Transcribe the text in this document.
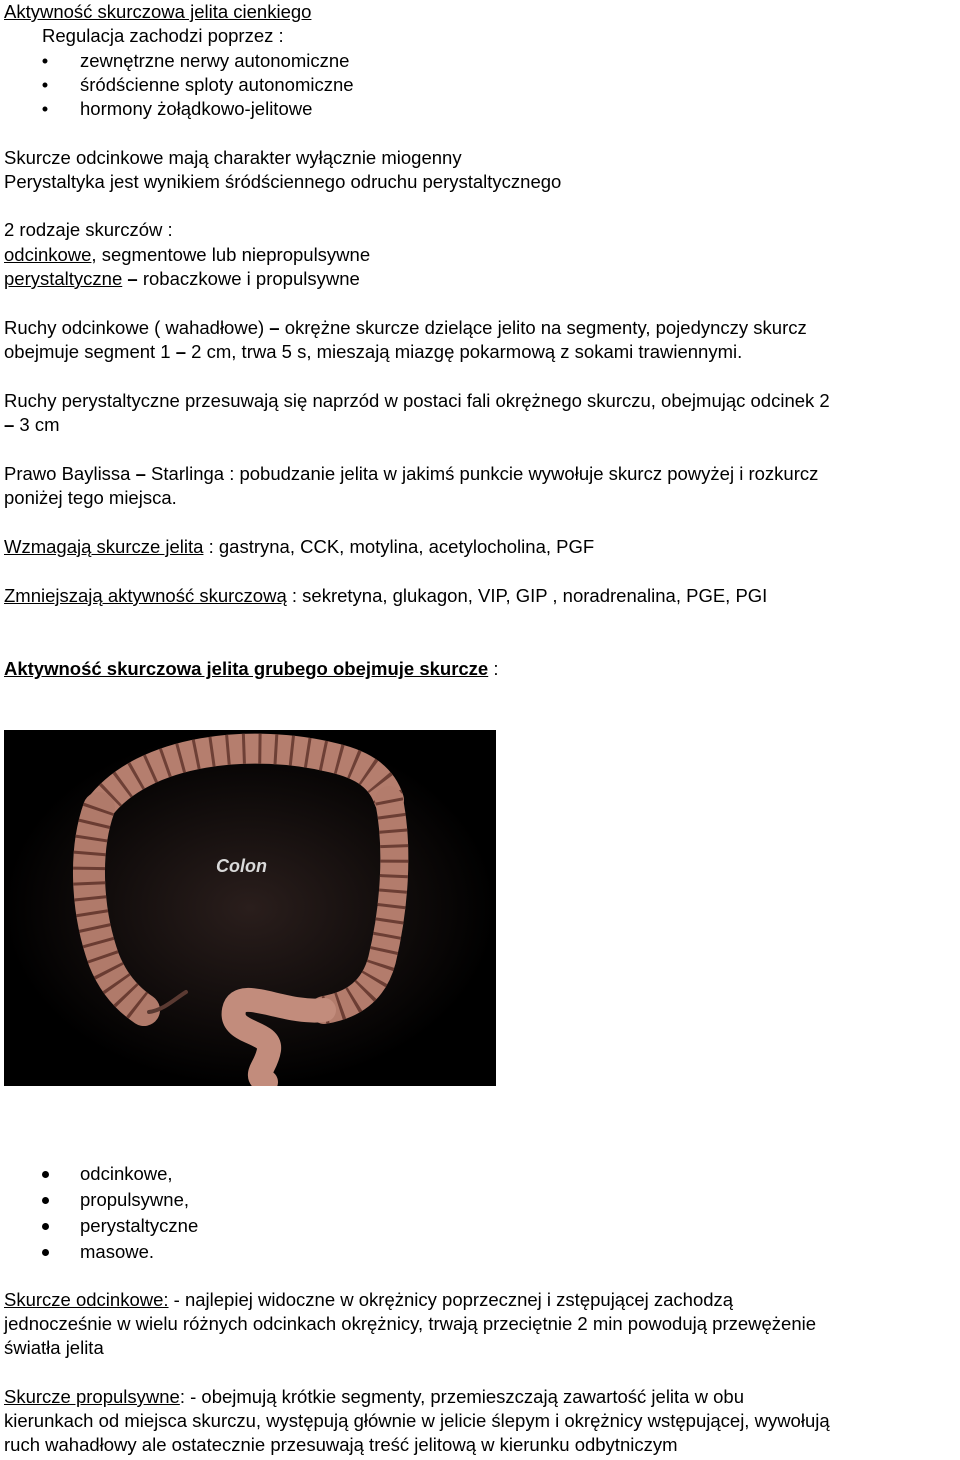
Aktywność skurczowa jelita cienkiego
Regulacja zachodzi poprzez :
•	zewnętrzne nerwy autonomiczne
•	śródścienne sploty autonomiczne
•	hormony żołądkowo-jelitowe
Skurcze odcinkowe mają charakter wyłącznie miogenny
Perystaltyka jest wynikiem śródściennego odruchu perystaltycznego
2 rodzaje skurczów :
odcinkowe, segmentowe lub niepropulsywne
perystaltyczne – robaczkowe i propulsywne
Ruchy odcinkowe ( wahadłowe) – okrężne skurcze dzielące jelito na segmenty, pojedynczy skurcz
obejmuje segment 1 – 2 cm, trwa 5 s, mieszają miazgę pokarmową z sokami trawiennymi.
Ruchy perystaltyczne przesuwają się naprzód w postaci fali okrężnego skurczu, obejmując odcinek 2
– 3 cm
Prawo Baylissa – Starlinga : pobudzanie jelita w jakimś punkcie wywołuje skurcz powyżej i rozkurcz
poniżej tego miejsca.
Wzmagają skurcze jelita : gastryna, CCK, motylina, acetylocholina, PGF
Zmniejszają aktywność skurczową : sekretyna, glukagon, VIP, GIP , noradrenalina, PGE, PGI
Aktywność skurczowa jelita grubego obejmuje skurcze :
Colon
odcinkowe,
propulsywne,
perystaltyczne
masowe.
Skurcze odcinkowe: - najlepiej widoczne w okrężnicy poprzecznej i zstępującej zachodzą
jednocześnie w wielu różnych odcinkach okrężnicy, trwają przeciętnie 2 min powodują przewężenie
światła jelita
Skurcze propulsywne: - obejmują krótkie segmenty, przemieszczają zawartość jelita w obu
kierunkach od miejsca skurczu, występują głównie w jelicie ślepym i okrężnicy wstępującej, wywołują
ruch wahadłowy ale ostatecznie przesuwają treść jelitową w kierunku odbytniczym
